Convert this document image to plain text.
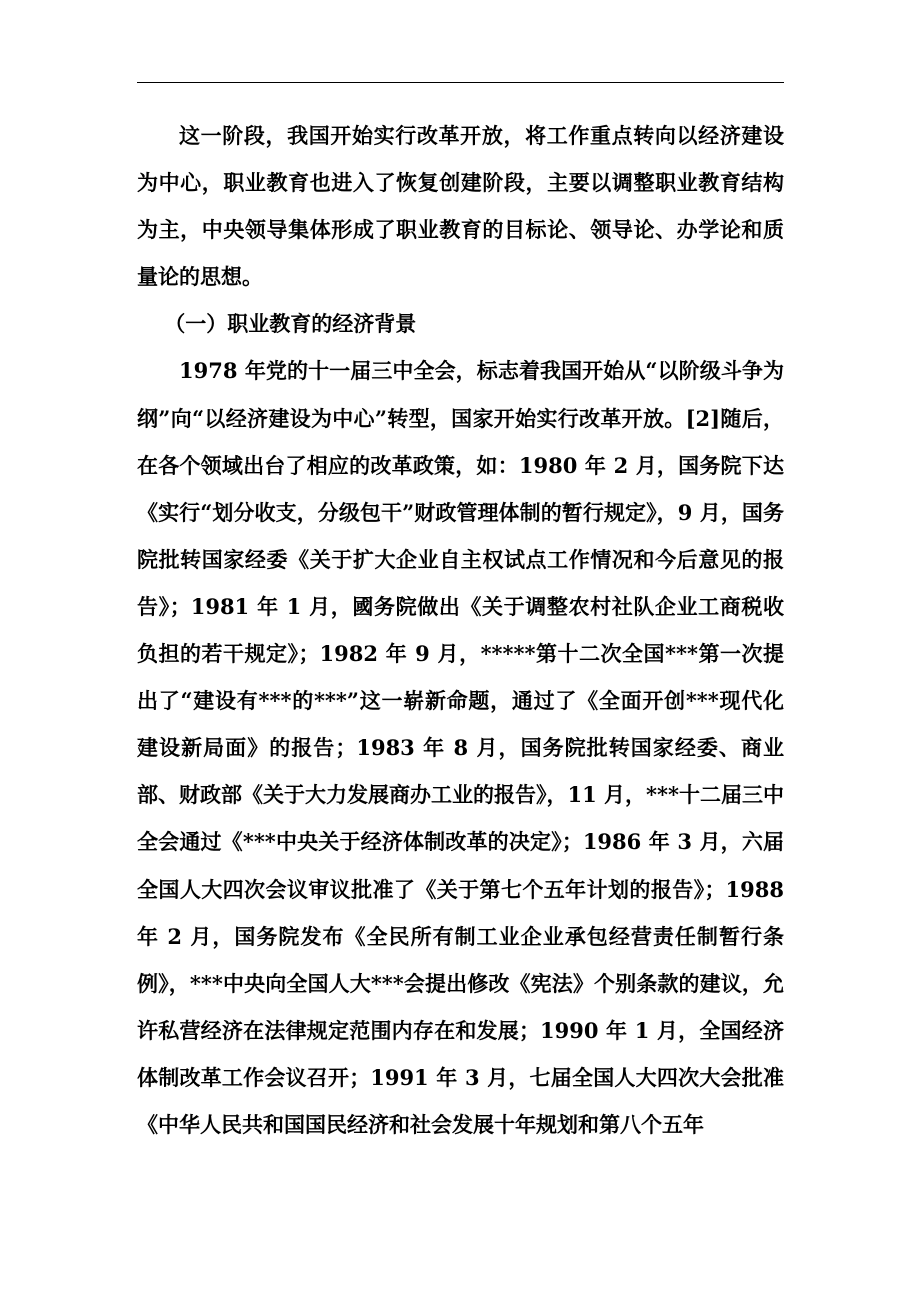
这一阶段，我国开始实行改革开放，将工作重点转向以经济建设为中心，职业教育也进入了恢复创建阶段，主要以调整职业教育结构为主，中央领导集体形成了职业教育的目标论、领导论、办学论和质量论的思想。

（一）职业教育的经济背景

1978 年党的十一届三中全会，标志着我国开始从“以阶级斗争为纲”向“以经济建设为中心”转型，国家开始实行改革开放。[2]随后，在各个领域出台了相应的改革政策，如：1980 年 2 月，国务院下达《实行“划分收支，分级包干”财政管理体制的暂行规定》，9 月，国务院批转国家经委《关于扩大企业自主权试点工作情况和今后意见的报告》；1981 年 1 月，國务院做出《关于调整农村社队企业工商税收负担的若干规定》；1982 年 9 月，*****第十二次全国***第一次提出了“建设有***的***”这一崭新命题，通过了《全面开创***现代化建设新局面》的报告；1983 年 8 月，国务院批转国家经委、商业部、财政部《关于大力发展商办工业的报告》，11 月，***十二届三中全会通过《***中央关于经济体制改革的决定》；1986 年 3 月，六届全国人大四次会议审议批准了《关于第七个五年计划的报告》；1988 年 2 月，国务院发布《全民所有制工业企业承包经营责任制暂行条例》，***中央向全国人大***会提出修改《宪法》个别条款的建议，允许私营经济在法律规定范围内存在和发展；1990 年 1 月，全国经济体制改革工作会议召开；1991 年 3 月，七届全国人大四次大会批准《中华人民共和国国民经济和社会发展十年规划和第八个五年
